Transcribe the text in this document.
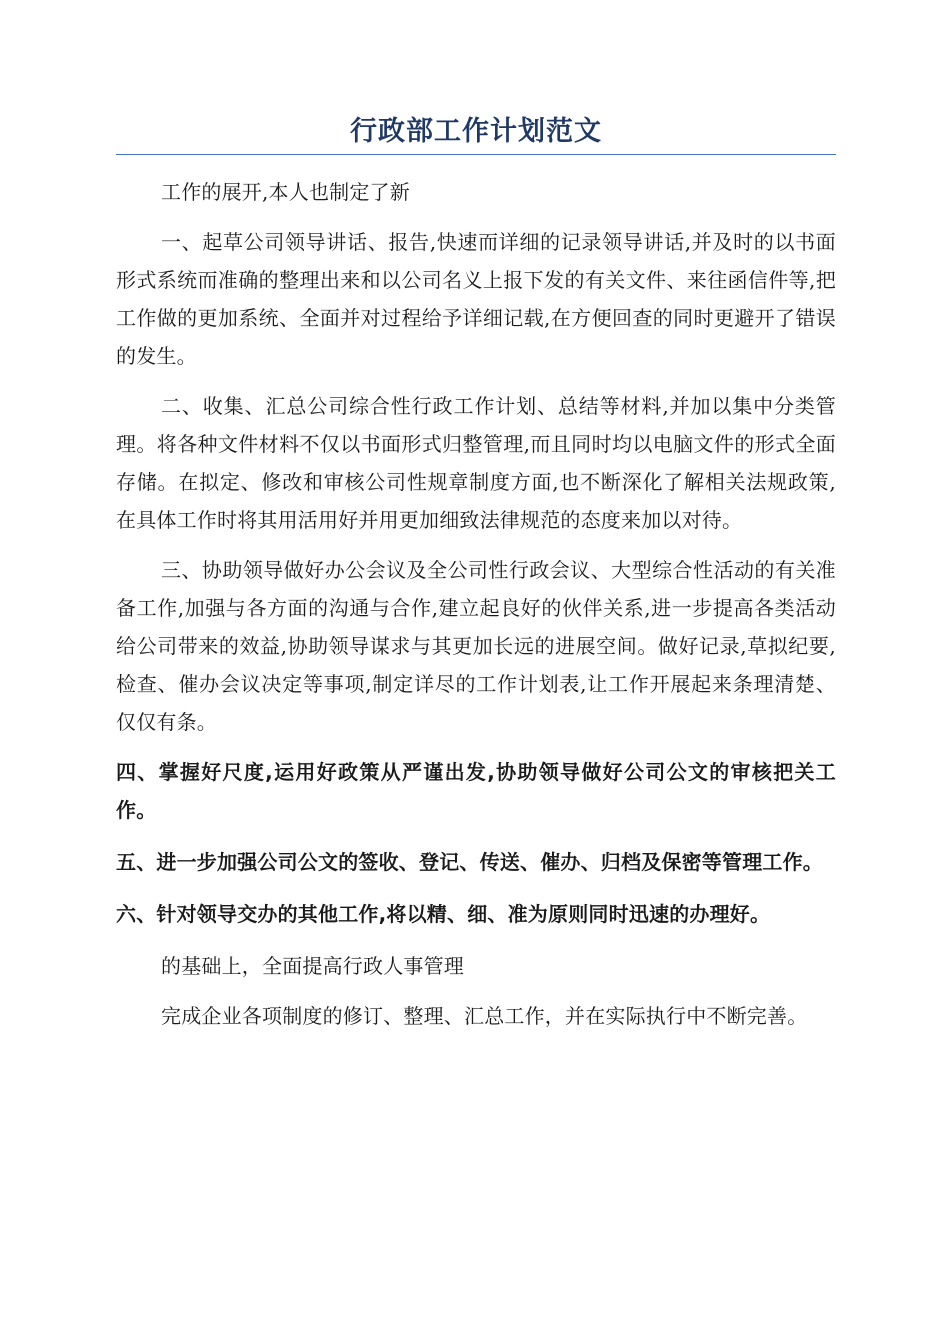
行政部工作计划范文

工作的展开,本人也制定了新

一、起草公司领导讲话、报告,快速而详细的记录领导讲话,并及时的以书面形式系统而准确的整理出来和以公司名义上报下发的有关文件、来往函信件等,把工作做的更加系统、全面并对过程给予详细记载,在方便回查的同时更避开了错误的发生。

二、收集、汇总公司综合性行政工作计划、总结等材料,并加以集中分类管理。将各种文件材料不仅以书面形式归整管理,而且同时均以电脑文件的形式全面存储。在拟定、修改和审核公司性规章制度方面,也不断深化了解相关法规政策,在具体工作时将其用活用好并用更加细致法律规范的态度来加以对待。

三、协助领导做好办公会议及全公司性行政会议、大型综合性活动的有关准备工作,加强与各方面的沟通与合作,建立起良好的伙伴关系,进一步提高各类活动给公司带来的效益,协助领导谋求与其更加长远的进展空间。做好记录,草拟纪要,检查、催办会议决定等事项,制定详尽的工作计划表,让工作开展起来条理清楚、仅仅有条。

四、掌握好尺度,运用好政策从严谨出发,协助领导做好公司公文的审核把关工作。

五、进一步加强公司公文的签收、登记、传送、催办、归档及保密等管理工作。

六、针对领导交办的其他工作,将以精、细、准为原则同时迅速的办理好。

的基础上，全面提高行政人事管理

完成企业各项制度的修订、整理、汇总工作，并在实际执行中不断完善。
